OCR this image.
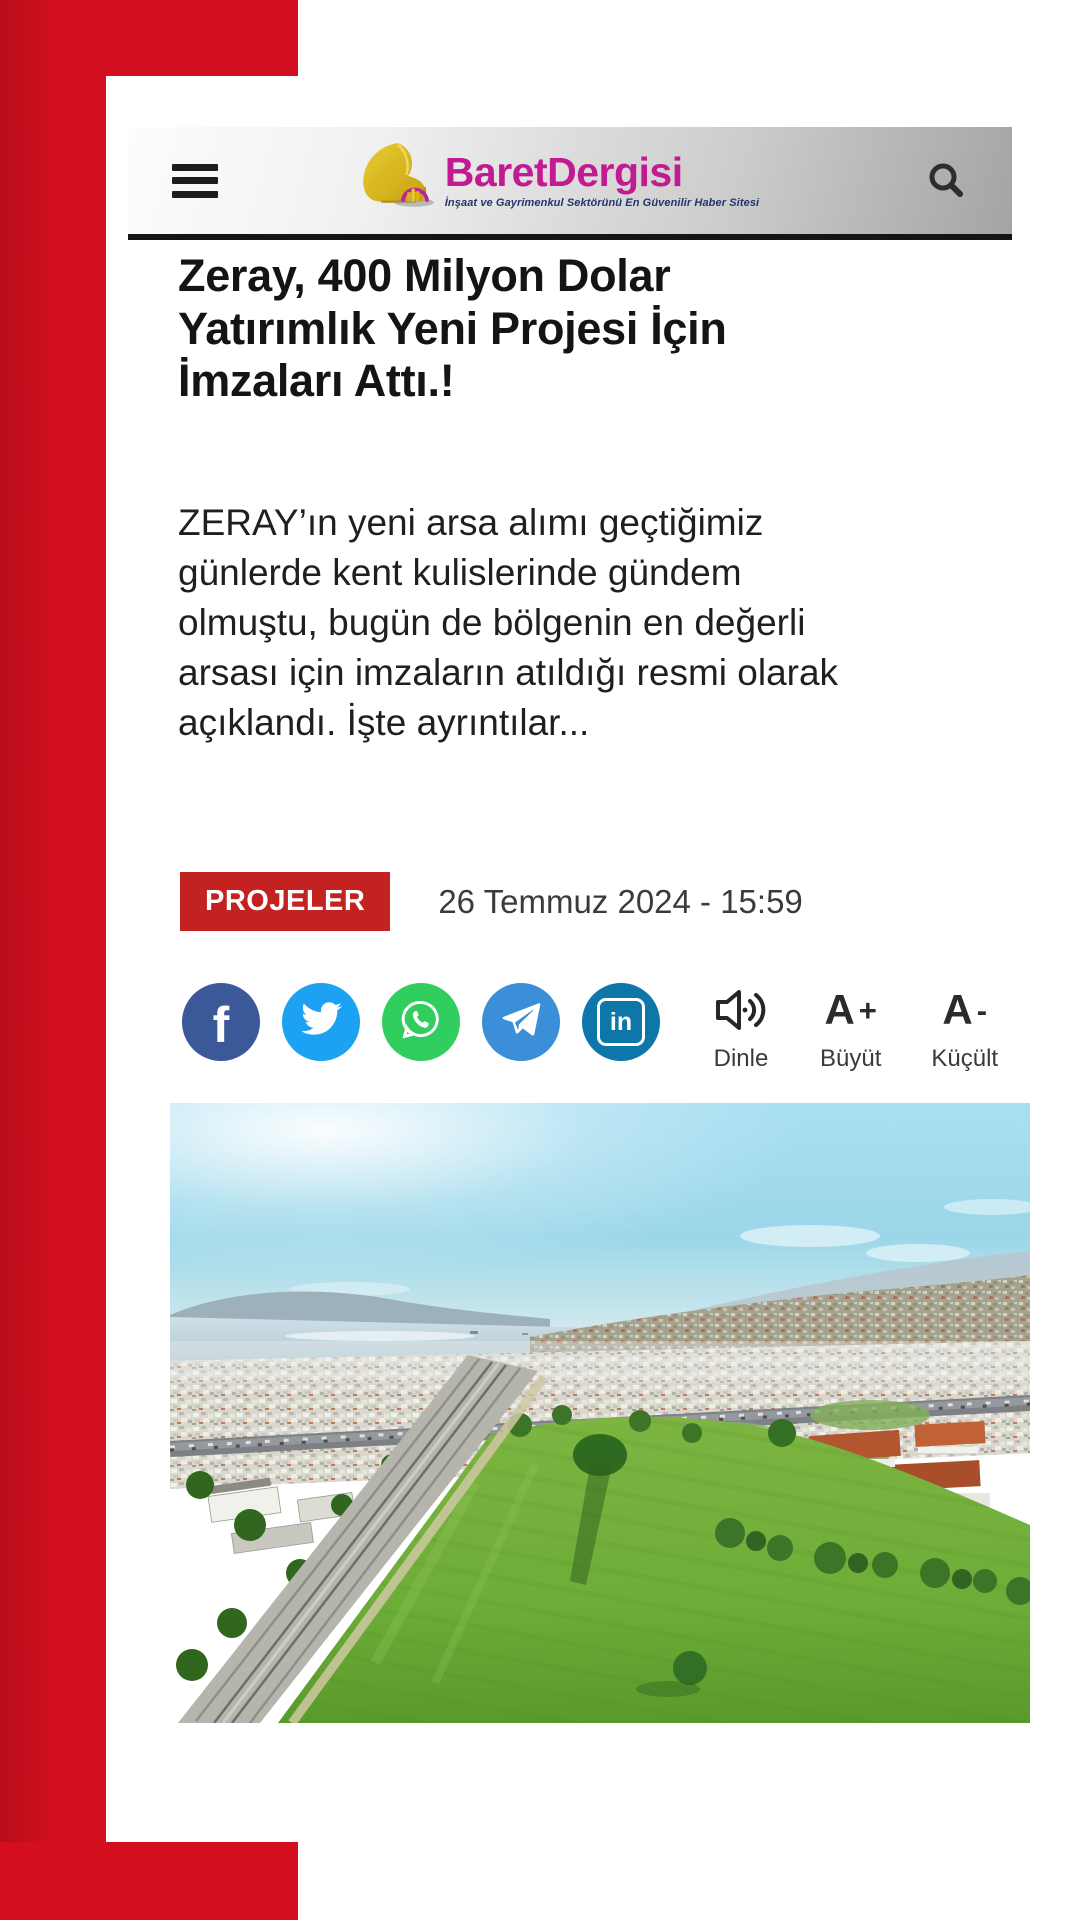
BaretDergisi
İnşaat ve Gayrimenkul Sektörünü En Güvenilir Haber Sitesi
Zeray, 400 Milyon Dolar
Yatırımlık Yeni Projesi İçin
İmzaları Attı.!
ZERAY’ın yeni arsa alımı geçtiğimiz
günlerde kent kulislerinde gündem
olmuştu, bugün de bölgenin en değerli
arsası için imzaların atıldığı resmi olarak
açıklandı. İşte ayrıntılar...
PROJELER	26 Temmuz 2024 - 15:59
f	in
Dinle
A +
Büyüt
A -
Küçült
